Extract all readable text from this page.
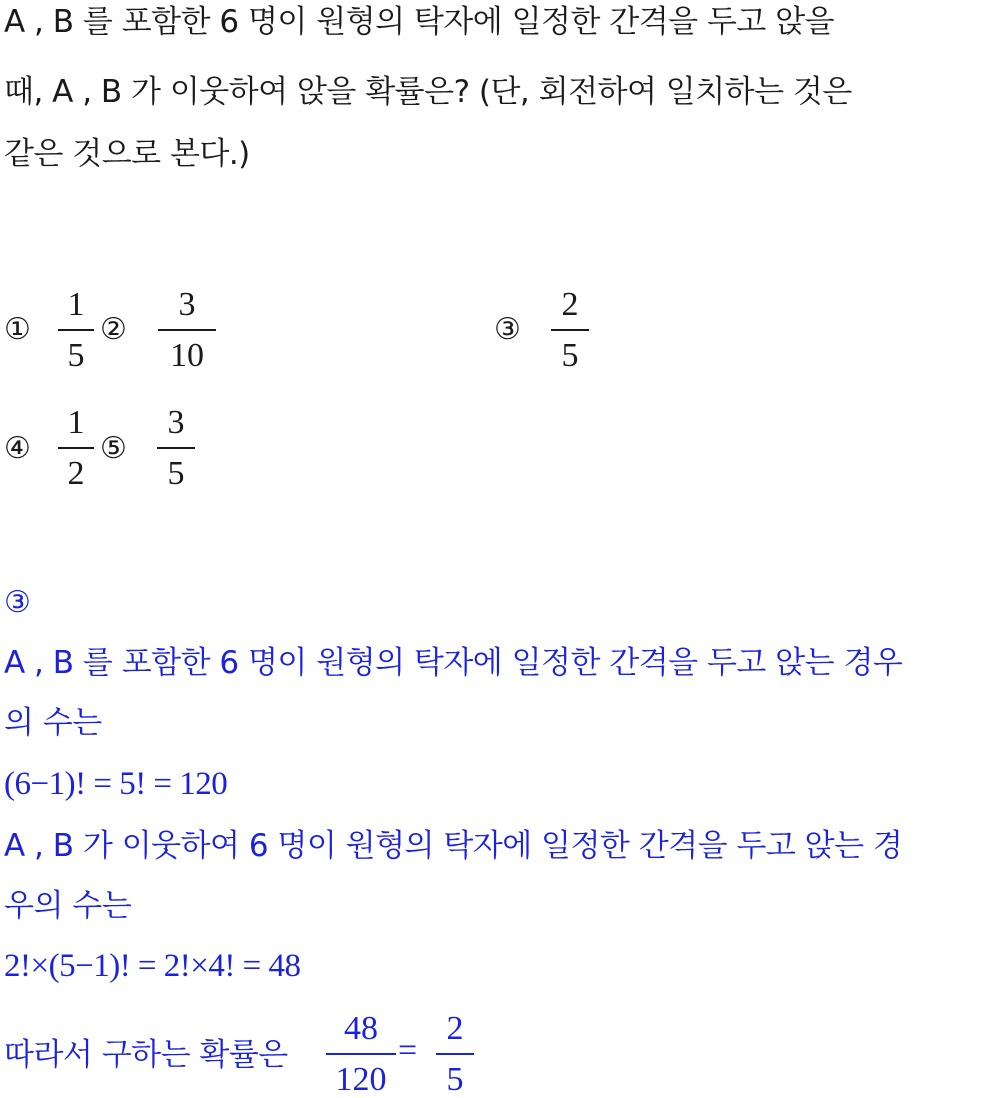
A , B 를 포함한 6 명이 원형의 탁자에 일정한 간격을 두고 앉을
때, A , B 가 이웃하여 앉을 확률은? (단, 회전하여 일치하는 것은
같은 것으로 본다.)
①
1
5
②
3
10
③
2
5
④
1
2
⑤
3
5
③
A , B 를 포함한 6 명이 원형의 탁자에 일정한 간격을 두고 앉는 경우
의 수는
(6−1)! = 5! = 120
A , B 가 이웃하여 6 명이 원형의 탁자에 일정한 간격을 두고 앉는 경
우의 수는
2!×(5−1)! = 2!×4! = 48
따라서 구하는 확률은
48
120
=
2
5
